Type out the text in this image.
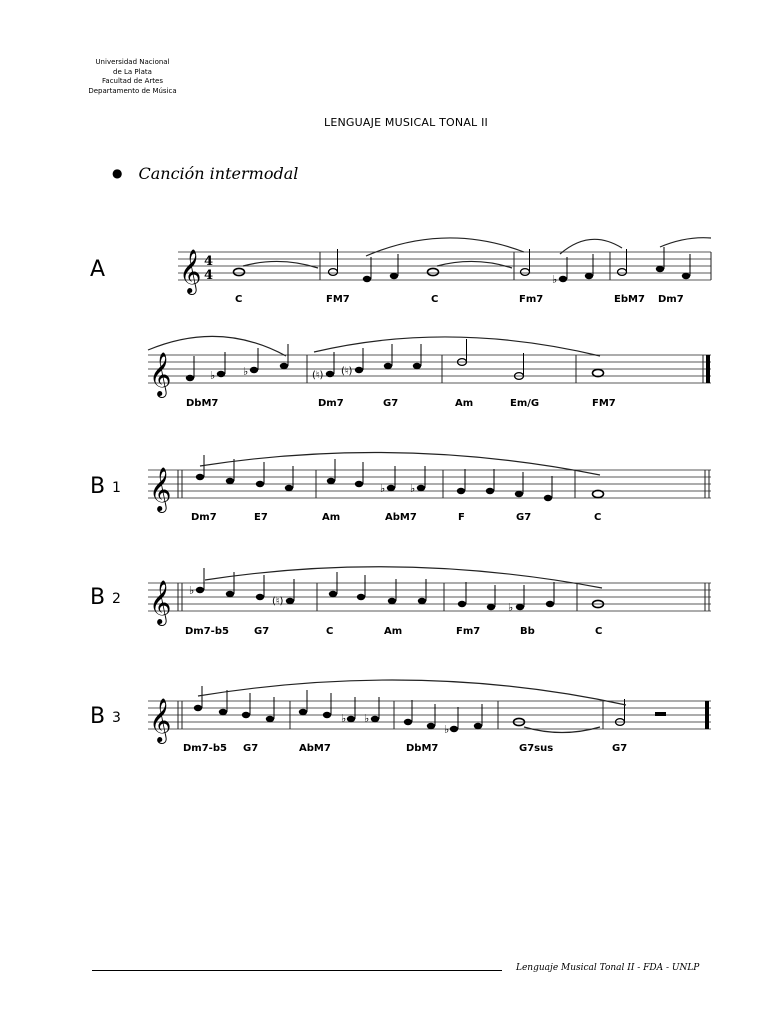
Universidad Nacional
de La Plata
Facultad de Artes
Departamento de Música
LENGUAJE MUSICAL TONAL II
● Canción intermodal
A 𝄞 4
4	♭
C	FM7	C	Fm7	EbM7 Dm7
𝄞	♭	♭	(♮) (♮)
DbM7	Dm7	G7	Am	Em/G	FM7
B 1 𝄞	♭ ♭
Dm7	E7	Am	AbM7	F	G7	C
B 2 𝄞 ♭
(♮)	♭
Dm7-b5	G7	C	Am	Fm7	Bb	C
B 3 𝄞	♭ ♭
♭
Dm7-b5 G7	AbM7	DbM7	G7sus	G7
Lenguaje Musical Tonal II - FDA - UNLP
